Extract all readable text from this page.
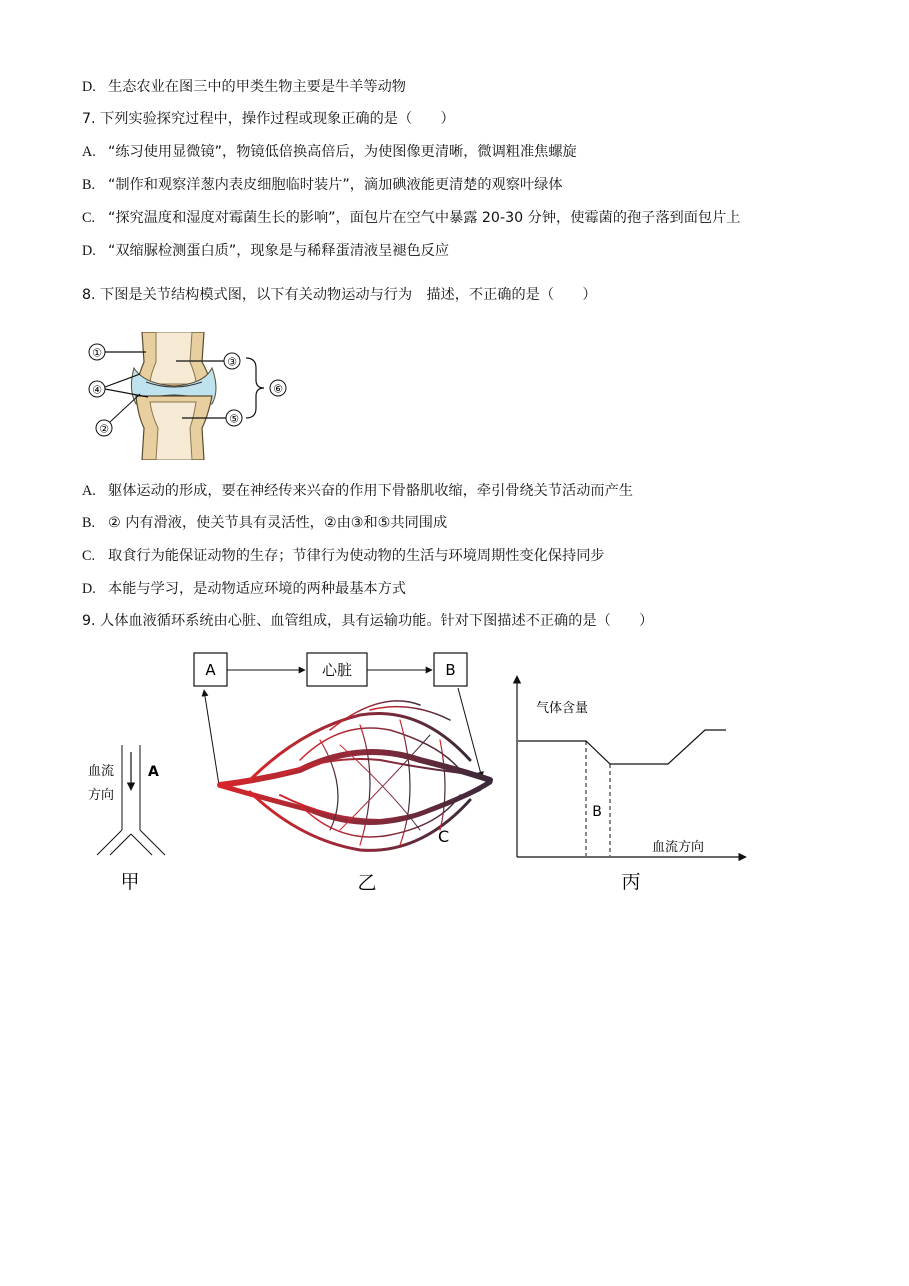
D. 生态农业在图三中的甲类生物主要是牛羊等动物
7. 下列实验探究过程中，操作过程或现象正确的是（　　）
A. “练习使用显微镜”，物镜低倍换高倍后，为使图像更清晰，微调粗准焦螺旋
B. “制作和观察洋葱内表皮细胞临时装片”，滴加碘液能更清楚的观察叶绿体
C. “探究温度和湿度对霉菌生长的影响”，面包片在空气中暴露 20-30 分钟，使霉菌的孢子落到面包片上
D. “双缩脲检测蛋白质”，现象是与稀释蛋清液呈褪色反应
8. 下图是关节结构模式图，以下有关动物运动与行为　描述，不正确的是（　　）
①
④
②
③
⑤
⑥
A. 躯体运动的形成，要在神经传来兴奋的作用下骨骼肌收缩，牵引骨绕关节活动而产生
B. ② 内有滑液，使关节具有灵活性，②由③和⑤共同围成
C. 取食行为能保证动物的生存；节律行为使动物的生活与环境周期性变化保持同步
D. 本能与学习，是动物适应环境的两种最基本方式
9. 人体血液循环系统由心脏、血管组成，具有运输功能。针对下图描述不正确的是（　　）
A	心脏	B
血流
方向
A
甲
C
乙
气体含量
血流方向
B
丙
